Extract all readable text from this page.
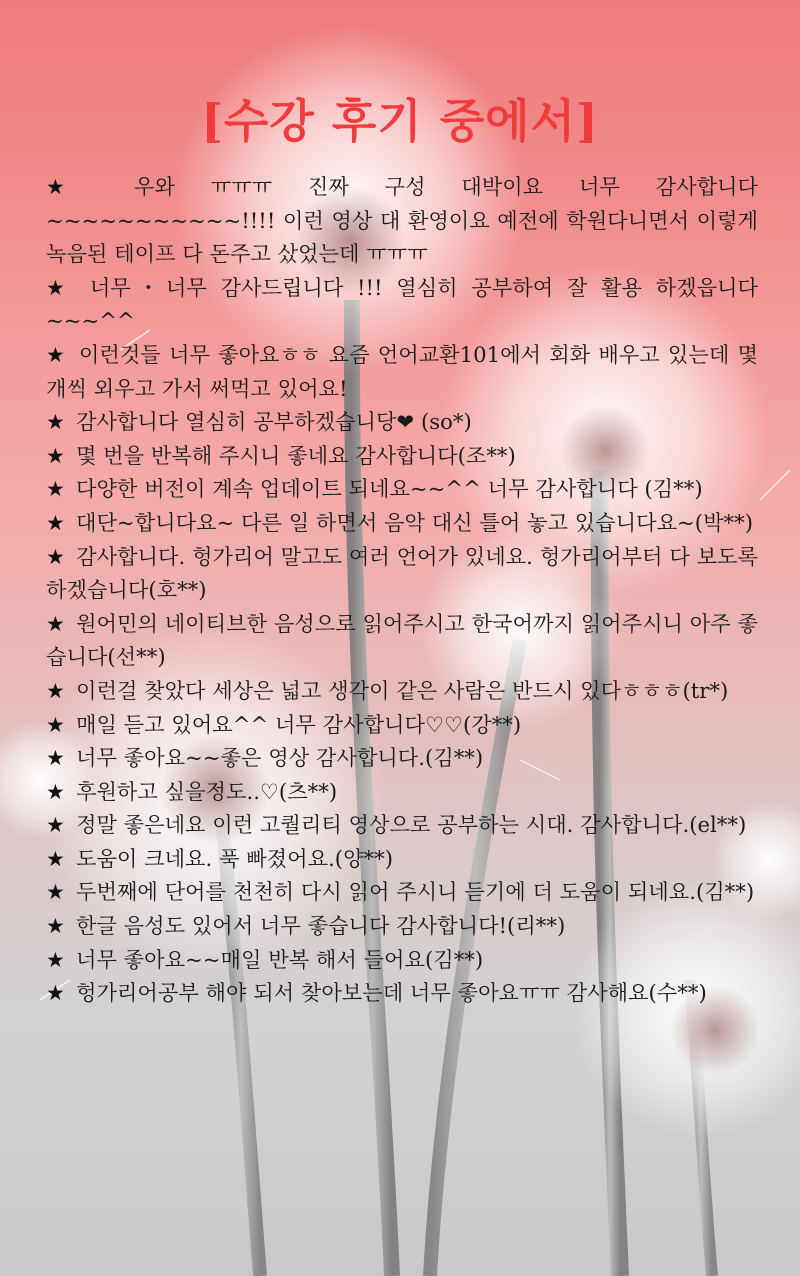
[수강 후기 중에서]
★ 우와 ㅠㅠㅠ 진짜 구성 대박이요 너무 감사합니다 ~~~~~~~~~~~!!!! 이런 영상 대 환영이요 예전에 학원다니면서 이렇게 녹음된 테이프 다 돈주고 샀었는데 ㅠㅠㅠ
★ 너무・너무 감사드립니다 !!! 열심히 공부하여 잘 활용 하겠읍니다~~~^^
★ 이런것들 너무 좋아요ㅎㅎ 요즘 언어교환101에서 회화 배우고 있는데 몇개씩 외우고 가서 써먹고 있어요!
★ 감사합니다 열심히 공부하겠습니당❤ (so*)
★ 몇 번을 반복해 주시니 좋네요 감사합니다(조**)
★ 다양한 버전이 계속 업데이트 되네요~~^^ 너무 감사합니다 (김**)
★ 대단~합니다요~ 다른 일 하면서 음악 대신 틀어 놓고 있습니다요~(박**)
★ 감사합니다. 헝가리어 말고도 여러 언어가 있네요. 헝가리어부터 다 보도록 하겠습니다(호**)
★ 원어민의 네이티브한 음성으로 읽어주시고 한국어까지 읽어주시니 아주 좋습니다(선**)
★ 이런걸 찾았다 세상은 넓고 생각이 같은 사람은 반드시 있다ㅎㅎㅎ(tr*)
★ 매일 듣고 있어요^^ 너무 감사합니다♡♡(강**)
★ 너무 좋아요~~좋은 영상 감사합니다.(김**)
★ 후원하고 싶을정도..♡(츠**)
★ 정말 좋은네요 이런 고퀄리티 영상으로 공부하는 시대. 감사합니다.(el**)
★ 도움이 크네요. 푹 빠졌어요.(양**)
★ 두번째에 단어를 천천히 다시 읽어 주시니 듣기에 더 도움이 되네요.(김**)
★ 한글 음성도 있어서 너무 좋습니다 감사합니다!(리**)
★ 너무 좋아요~~매일 반복 해서 들어요(김**)
★ 헝가리어공부 해야 되서 찾아보는데 너무 좋아요ㅠㅠ 감사해요(수**)
